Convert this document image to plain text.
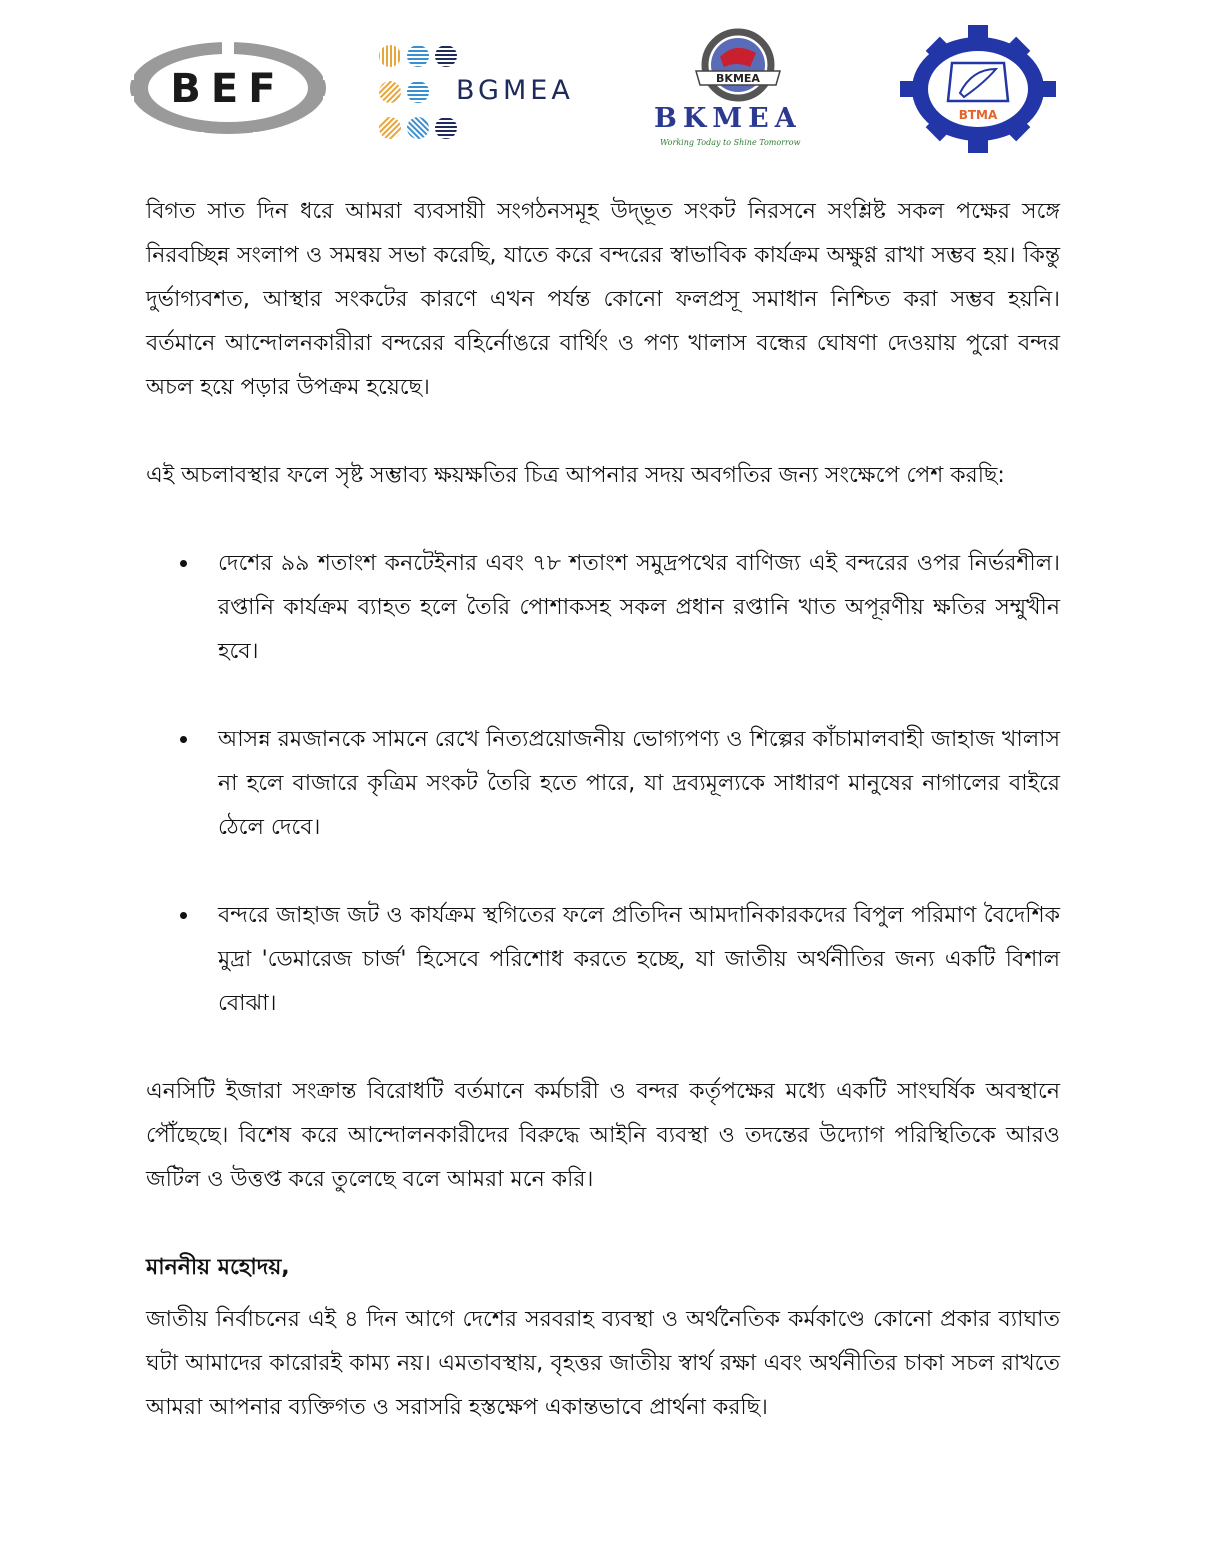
BEF	BGMEA	BKMEA
BKMEA
Working Today to Shine Tomorrow
BTMA

বিগত সাত দিন ধরে আমরা ব্যবসায়ী সংগঠনসমূহ উদ্‌ভূত সংকট নিরসনে সংশ্লিষ্ট সকল পক্ষের সঙ্গে নিরবচ্ছিন্ন সংলাপ ও সমন্বয় সভা করেছি, যাতে করে বন্দরের স্বাভাবিক কার্যক্রম অক্ষুণ্ণ রাখা সম্ভব হয়। কিন্তু দুর্ভাগ্যবশত, আস্থার সংকটের কারণে এখন পর্যন্ত কোনো ফলপ্রসূ সমাধান নিশ্চিত করা সম্ভব হয়নি। বর্তমানে আন্দোলনকারীরা বন্দরের বহির্নোঙরে বার্থিং ও পণ্য খালাস বন্ধের ঘোষণা দেওয়ায় পুরো বন্দর অচল হয়ে পড়ার উপক্রম হয়েছে।

এই অচলাবস্থার ফলে সৃষ্ট সম্ভাব্য ক্ষয়ক্ষতির চিত্র আপনার সদয় অবগতির জন্য সংক্ষেপে পেশ করছি:

দেশের ৯৯ শতাংশ কনটেইনার এবং ৭৮ শতাংশ সমুদ্রপথের বাণিজ্য এই বন্দরের ওপর নির্ভরশীল। রপ্তানি কার্যক্রম ব্যাহত হলে তৈরি পোশাকসহ সকল প্রধান রপ্তানি খাত অপূরণীয় ক্ষতির সম্মুখীন হবে।
আসন্ন রমজানকে সামনে রেখে নিত্যপ্রয়োজনীয় ভোগ্যপণ্য ও শিল্পের কাঁচামালবাহী জাহাজ খালাস না হলে বাজারে কৃত্রিম সংকট তৈরি হতে পারে, যা দ্রব্যমূল্যকে সাধারণ মানুষের নাগালের বাইরে ঠেলে দেবে।
বন্দরে জাহাজ জট ও কার্যক্রম স্থগিতের ফলে প্রতিদিন আমদানিকারকদের বিপুল পরিমাণ বৈদেশিক মুদ্রা 'ডেমারেজ চার্জ' হিসেবে পরিশোধ করতে হচ্ছে, যা জাতীয় অর্থনীতির জন্য একটি বিশাল বোঝা।

এনসিটি ইজারা সংক্রান্ত বিরোধটি বর্তমানে কর্মচারী ও বন্দর কর্তৃপক্ষের মধ্যে একটি সাংঘর্ষিক অবস্থানে পৌঁছেছে। বিশেষ করে আন্দোলনকারীদের বিরুদ্ধে আইনি ব্যবস্থা ও তদন্তের উদ্যোগ পরিস্থিতিকে আরও জটিল ও উত্তপ্ত করে তুলেছে বলে আমরা মনে করি।

মাননীয় মহোদয়,

জাতীয় নির্বাচনের এই ৪ দিন আগে দেশের সরবরাহ ব্যবস্থা ও অর্থনৈতিক কর্মকাণ্ডে কোনো প্রকার ব্যাঘাত ঘটা আমাদের কারোরই কাম্য নয়। এমতাবস্থায়, বৃহত্তর জাতীয় স্বার্থ রক্ষা এবং অর্থনীতির চাকা সচল রাখতে আমরা আপনার ব্যক্তিগত ও সরাসরি হস্তক্ষেপ একান্তভাবে প্রার্থনা করছি।
